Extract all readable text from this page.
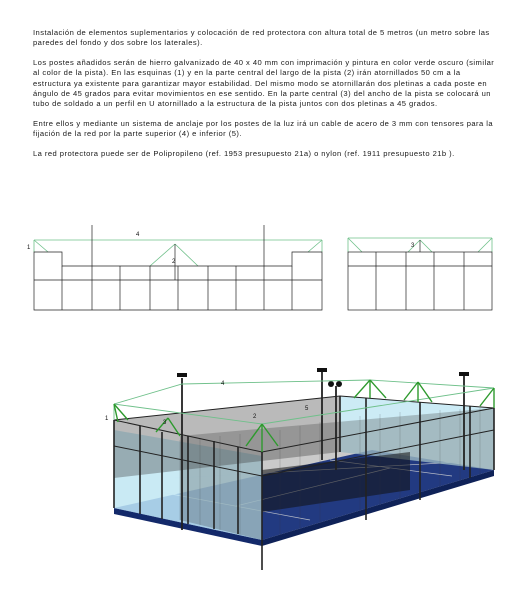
Instalación de elementos suplementarios y colocación de red protectora con altura total de 5 metros (un metro sobre las paredes del fondo y dos sobre los laterales).

Los postes añadidos serán de hierro galvanizado de 40 x 40 mm con imprimación y pintura en color verde oscuro (similar al color de la pista). En las esquinas (1) y en la parte central del largo de la pista (2) irán atornillados 50 cm a la estructura ya existente para garantizar mayor estabilidad. Del mismo modo se atornillarán dos pletinas a cada poste en ángulo de 45 grados para evitar movimientos en ese sentido. En la parte central (3) del ancho de la pista se colocará un tubo de soldado a un perfil en U atornillado a la estructura de la pista juntos con dos pletinas a 45 grados.

Entre ellos y mediante un sistema de anclaje por los postes de la luz irá un cable de acero de 3 mm con tensores para la fijación de la red por la parte superior (4) e inferior (5).

La red protectora puede ser de Polipropileno (ref. 1953 presupuesto 21a) o nylon (ref. 1911 presupuesto 21b ).

1
2
4
3
1	2
3
4
5
